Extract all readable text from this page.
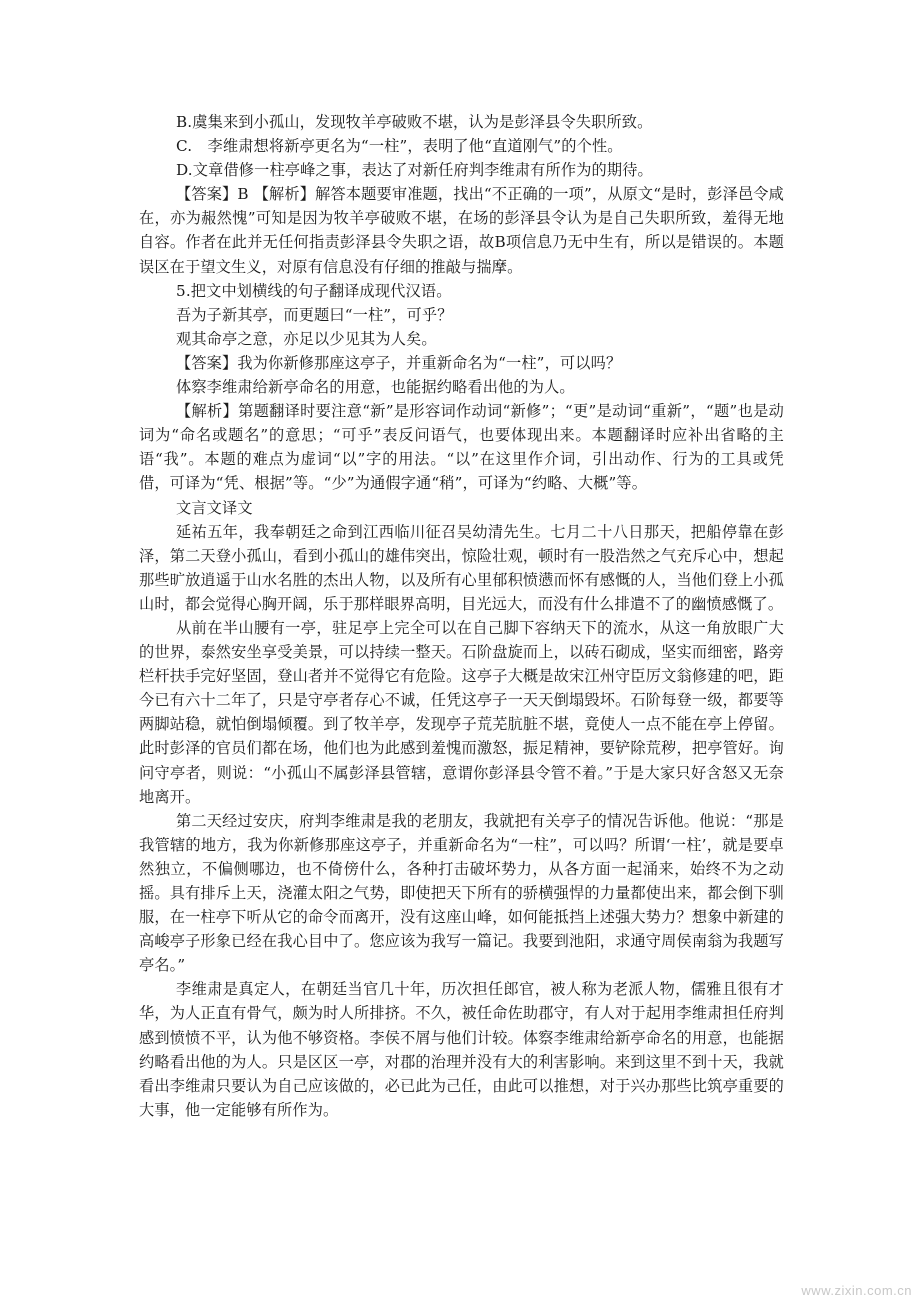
B.虞集来到小孤山，发现牧羊亭破败不堪，认为是彭泽县令失职所致。

C.　李维肃想将新亭更名为“一柱”，表明了他“直道刚气”的个性。

D.文章借修一柱亭峰之事，表达了对新任府判李维肃有所作为的期待。

【答案】B 【解析】解答本题要审准题，找出“不正确的一项”，从原文“是时，彭泽邑令咸在，亦为赧然愧”可知是因为牧羊亭破败不堪，在场的彭泽县令认为是自己失职所致，羞得无地自容。作者在此并无任何指责彭泽县令失职之语，故B项信息乃无中生有，所以是错误的。本题误区在于望文生义，对原有信息没有仔细的推敲与揣摩。

5.把文中划横线的句子翻译成现代汉语。

吾为子新其亭，而更题曰“一柱”，可乎？

观其命亭之意，亦足以少见其为人矣。

【答案】我为你新修那座这亭子，并重新命名为“一柱”，可以吗？

体察李维肃给新亭命名的用意，也能据约略看出他的为人。

【解析】第题翻译时要注意“新”是形容词作动词“新修”；“更”是动词“重新”，“题”也是动词为“命名或题名”的意思；“可乎”表反问语气，也要体现出来。本题翻译时应补出省略的主语“我”。本题的难点为虚词“以”字的用法。“以”在这里作介词，引出动作、行为的工具或凭借，可译为“凭、根据”等。“少”为通假字通“稍”，可译为“约略、大概”等。

文言文译文

延祐五年，我奉朝廷之命到江西临川征召吴幼清先生。七月二十八日那天，把船停靠在彭泽，第二天登小孤山，看到小孤山的雄伟突出，惊险壮观，顿时有一股浩然之气充斥心中，想起那些旷放逍遥于山水名胜的杰出人物，以及所有心里郁积愤懑而怀有感慨的人，当他们登上小孤山时，都会觉得心胸开阔，乐于那样眼界高明，目光远大，而没有什么排遣不了的幽愤感慨了。

从前在半山腰有一亭，驻足亭上完全可以在自己脚下容纳天下的流水，从这一角放眼广大的世界，泰然安坐享受美景，可以持续一整天。石阶盘旋而上，以砖石砌成，坚实而细密，路旁栏杆扶手完好坚固，登山者并不觉得它有危险。这亭子大概是故宋江州守臣厉文翁修建的吧，距今已有六十二年了，只是守亭者存心不诚，任凭这亭子一天天倒塌毁坏。石阶每登一级，都要等两脚站稳，就怕倒塌倾覆。到了牧羊亭，发现亭子荒芜肮脏不堪，竟使人一点不能在亭上停留。此时彭泽的官员们都在场，他们也为此感到羞愧而激怒，振足精神，要铲除荒秽，把亭管好。询问守亭者，则说：“小孤山不属彭泽县管辖，意谓你彭泽县令管不着。”于是大家只好含怒又无奈地离开。

第二天经过安庆，府判李维肃是我的老朋友，我就把有关亭子的情况告诉他。他说：“那是我管辖的地方，我为你新修那座这亭子，并重新命名为“一柱”，可以吗？所谓‘一柱’，就是要卓然独立，不偏侧哪边，也不倚傍什么，各种打击破坏势力，从各方面一起涌来，始终不为之动摇。具有排斥上天，浇灌太阳之气势，即使把天下所有的骄横强悍的力量都使出来，都会倒下驯服，在一柱亭下听从它的命令而离开，没有这座山峰，如何能抵挡上述强大势力？想象中新建的高峻亭子形象已经在我心目中了。您应该为我写一篇记。我要到池阳，求通守周侯南翁为我题写亭名。”

李维肃是真定人，在朝廷当官几十年，历次担任郎官，被人称为老派人物，儒雅且很有才华，为人正直有骨气，颇为时人所排挤。不久，被任命佐助郡守，有人对于起用李维肃担任府判感到愤愤不平，认为他不够资格。李侯不屑与他们计较。体察李维肃给新亭命名的用意，也能据约略看出他的为人。只是区区一亭，对郡的治理并没有大的利害影响。来到这里不到十天，我就看出李维肃只要认为自己应该做的，必已此为己任，由此可以推想，对于兴办那些比筑亭重要的大事，他一定能够有所作为。

www.zixin.com.cn
